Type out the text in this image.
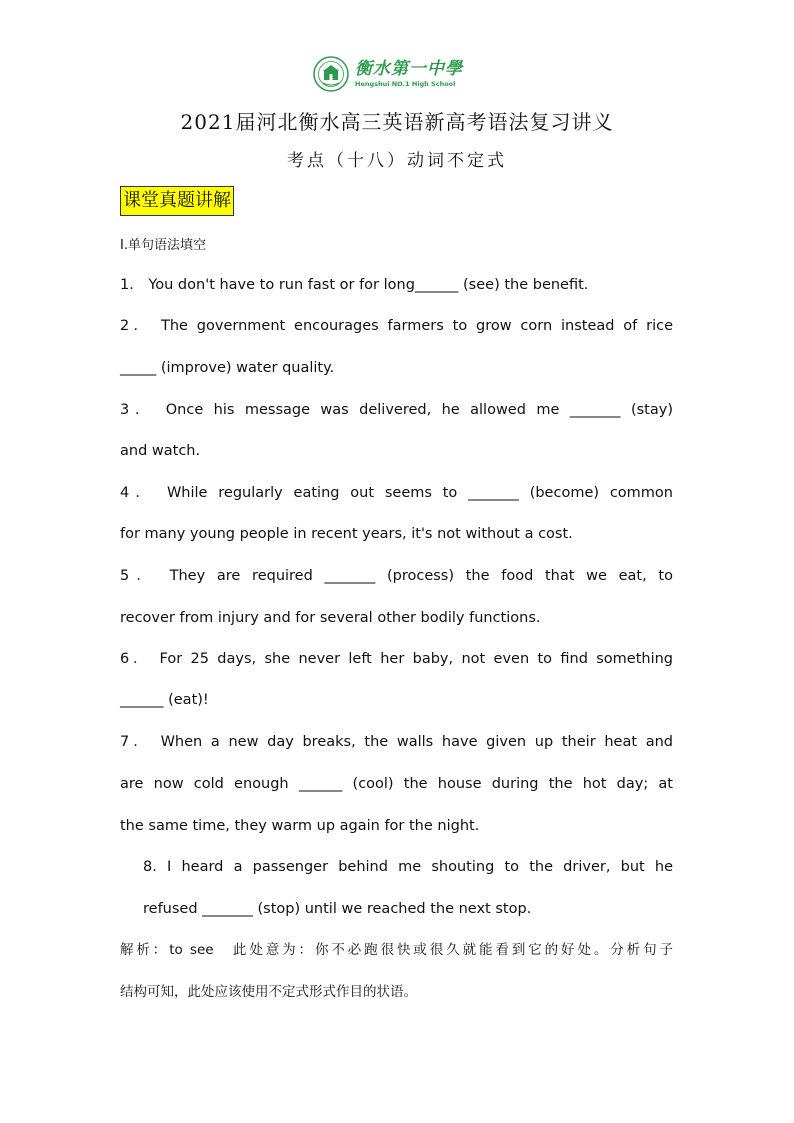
衡水第一中學
Hengshui NO.1 High School
2021届河北衡水高三英语新高考语法复习讲义
考点（十八）动词不定式
课堂真题讲解
Ⅰ.单句语法填空
1． You don't have to run fast or for long______ (see) the benefit.
2． The government encourages farmers to grow corn instead of rice
_____ (improve) water quality.
3． Once his message was delivered, he allowed me _______ (stay)
and watch.
4． While regularly eating out seems to _______ (become) common
for many young people in recent years, it's not without a cost.
5． They are required _______ (process) the food that we eat, to
recover from injury and for several other bodily functions.
6． For 25 days, she never left her baby, not even to find something
______ (eat)!
7． When a new day breaks, the walls have given up their heat and
are now cold enough ______ (cool) the house during the hot day; at
the same time, they warm up again for the night.
8. I heard a passenger behind me shouting to the driver, but he
refused _______ (stop) until we reached the next stop.
解析：to see　此处意为：你不必跑很快或很久就能看到它的好处。分析句子
结构可知，此处应该使用不定式形式作目的状语。
